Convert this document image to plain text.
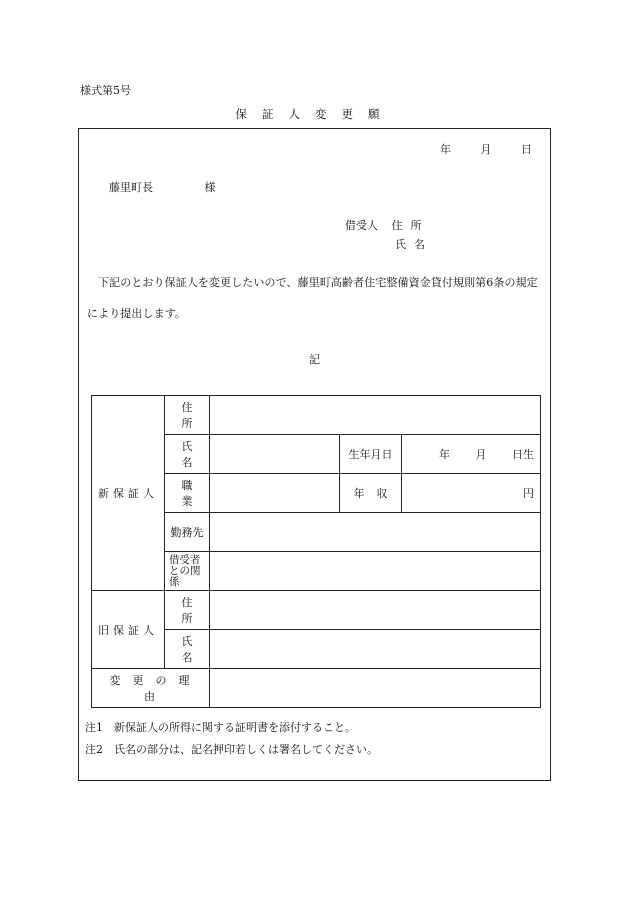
様式第5号
保証人変更願
年	月	日
藤里町長	様
借受人 住所
氏名
下記のとおり保証人を変更したいので、藤里町高齢者住宅整備資金貸付規則第6条の規定により提出します。
記
新保証人	住所			
	氏名		生年月日	年 月 日生
	職業		年収	円
	勤務先			

	借受者との関係			

旧保証人	住所			
	氏名			
変更の理由				
注1　新保証人の所得に関する証明書を添付すること。
注2　氏名の部分は、記名押印若しくは署名してください。
